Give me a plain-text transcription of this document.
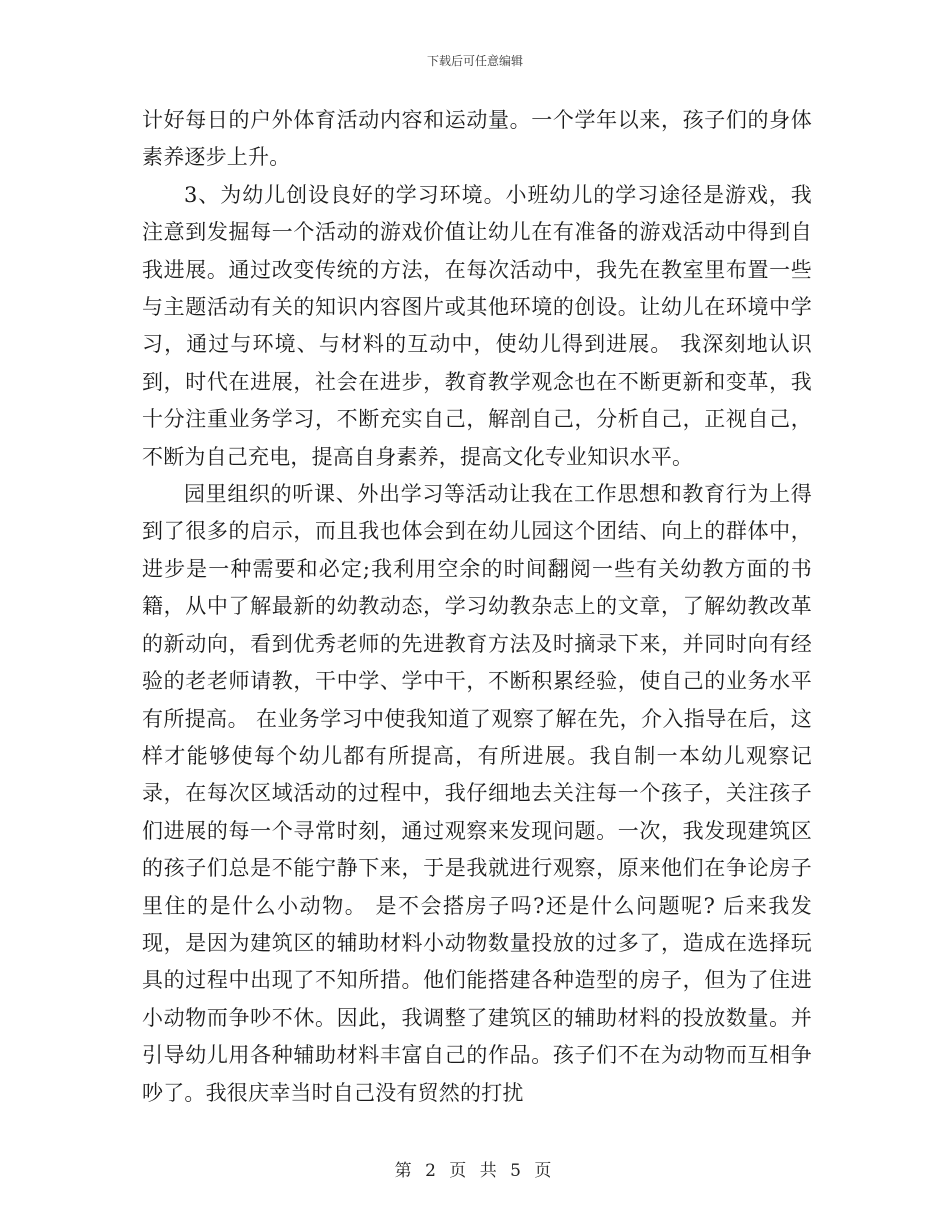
下载后可任意编辑

计好每日的户外体育活动内容和运动量。一个学年以来，孩子们的身体素养逐步上升。

3、为幼儿创设良好的学习环境。小班幼儿的学习途径是游戏，我注意到发掘每一个活动的游戏价值让幼儿在有准备的游戏活动中得到自我进展。通过改变传统的方法，在每次活动中，我先在教室里布置一些与主题活动有关的知识内容图片或其他环境的创设。让幼儿在环境中学习，通过与环境、与材料的互动中，使幼儿得到进展。 我深刻地认识到，时代在进展，社会在进步，教育教学观念也在不断更新和变革，我十分注重业务学习，不断充实自己，解剖自己，分析自己，正视自己，不断为自己充电，提高自身素养，提高文化专业知识水平。

园里组织的听课、外出学习等活动让我在工作思想和教育行为上得到了很多的启示，而且我也体会到在幼儿园这个团结、向上的群体中，进步是一种需要和必定;我利用空余的时间翻阅一些有关幼教方面的书籍，从中了解最新的幼教动态，学习幼教杂志上的文章，了解幼教改革的新动向，看到优秀老师的先进教育方法及时摘录下来，并同时向有经验的老老师请教，干中学、学中干，不断积累经验，使自己的业务水平有所提高。 在业务学习中使我知道了观察了解在先，介入指导在后，这样才能够使每个幼儿都有所提高，有所进展。我自制一本幼儿观察记录，在每次区域活动的过程中，我仔细地去关注每一个孩子，关注孩子们进展的每一个寻常时刻，通过观察来发现问题。一次，我发现建筑区的孩子们总是不能宁静下来，于是我就进行观察，原来他们在争论房子里住的是什么小动物。 是不会搭房子吗?还是什么问题呢? 后来我发现，是因为建筑区的辅助材料小动物数量投放的过多了，造成在选择玩具的过程中出现了不知所措。他们能搭建各种造型的房子，但为了住进小动物而争吵不休。因此，我调整了建筑区的辅助材料的投放数量。并引导幼儿用各种辅助材料丰富自己的作品。孩子们不在为动物而互相争吵了。我很庆幸当时自己没有贸然的打扰

第 2 页 共 5 页
